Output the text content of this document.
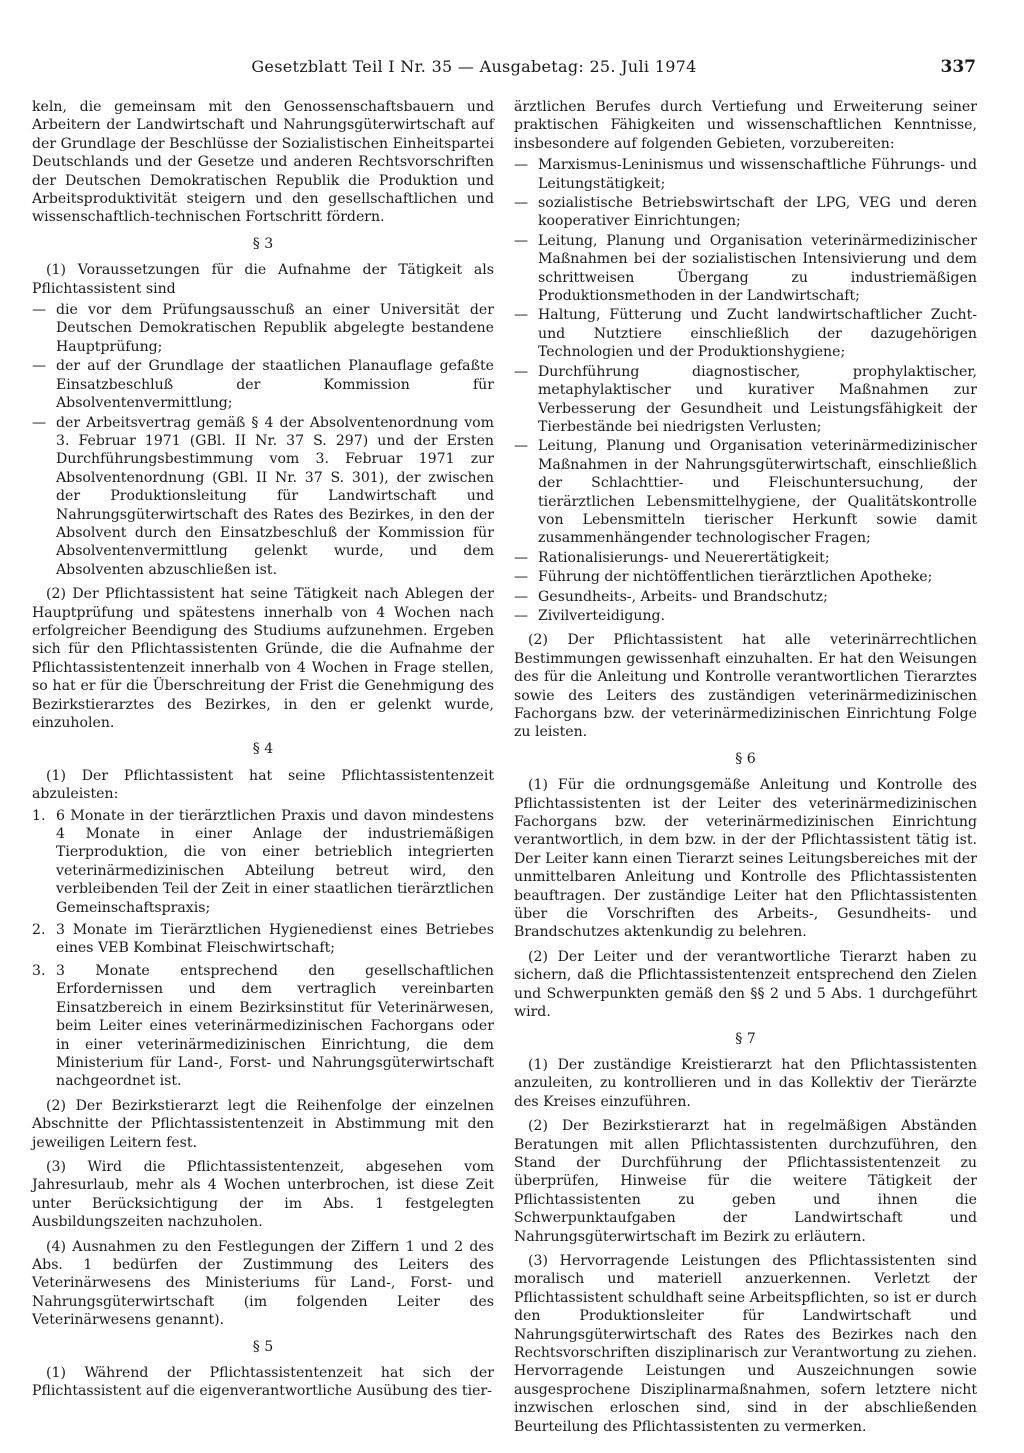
Gesetzblatt Teil I Nr. 35 — Ausgabetag: 25. Juli 1974	337

keln, die gemeinsam mit den Genossenschaftsbauern und Arbeitern der Landwirtschaft und Nahrungsgüterwirtschaft auf der Grundlage der Beschlüsse der Sozialistischen Einheitspartei Deutschlands und der Gesetze und anderen Rechtsvorschriften der Deutschen Demokratischen Republik die Produktion und Arbeitsproduktivität steigern und den gesellschaftlichen und wissenschaftlich-technischen Fortschritt fördern.

§ 3

(1) Voraussetzungen für die Aufnahme der Tätigkeit als Pflichtassistent sind

— die vor dem Prüfungsausschuß an einer Universität der Deutschen Demokratischen Republik abgelegte bestandene Hauptprüfung;
— der auf der Grundlage der staatlichen Planauflage gefaßte Einsatzbeschluß der Kommission für Absolventenvermittlung;
— der Arbeitsvertrag gemäß § 4 der Absolventenordnung vom 3. Februar 1971 (GBl. II Nr. 37 S. 297) und der Ersten Durchführungsbestimmung vom 3. Februar 1971 zur Absolventenordnung (GBl. II Nr. 37 S. 301), der zwischen der Produktionsleitung für Landwirtschaft und Nahrungsgüterwirtschaft des Rates des Bezirkes, in den der Absolvent durch den Einsatzbeschluß der Kommission für Absolventenvermittlung gelenkt wurde, und dem Absolventen abzuschließen ist.

(2) Der Pflichtassistent hat seine Tätigkeit nach Ablegen der Hauptprüfung und spätestens innerhalb von 4 Wochen nach erfolgreicher Beendigung des Studiums aufzunehmen. Ergeben sich für den Pflichtassistenten Gründe, die die Aufnahme der Pflichtassistentenzeit innerhalb von 4 Wochen in Frage stellen, so hat er für die Überschreitung der Frist die Genehmigung des Bezirkstierarztes des Bezirkes, in den er gelenkt wurde, einzuholen.

§ 4

(1) Der Pflichtassistent hat seine Pflichtassistentenzeit abzuleisten:

1. 6 Monate in der tierärztlichen Praxis und davon mindestens 4 Monate in einer Anlage der industriemäßigen Tierproduktion, die von einer betrieblich integrierten veterinärmedizinischen Abteilung betreut wird, den verbleibenden Teil der Zeit in einer staatlichen tierärztlichen Gemeinschaftspraxis;
2. 3 Monate im Tierärztlichen Hygienedienst eines Betriebes eines VEB Kombinat Fleischwirtschaft;
3. 3 Monate entsprechend den gesellschaftlichen Erfordernissen und dem vertraglich vereinbarten Einsatzbereich in einem Bezirksinstitut für Veterinärwesen, beim Leiter eines veterinärmedizinischen Fachorgans oder in einer veterinärmedizinischen Einrichtung, die dem Ministerium für Land-, Forst- und Nahrungsgüterwirtschaft nachgeordnet ist.

(2) Der Bezirkstierarzt legt die Reihenfolge der einzelnen Abschnitte der Pflichtassistentenzeit in Abstimmung mit den jeweiligen Leitern fest.

(3) Wird die Pflichtassistentenzeit, abgesehen vom Jahresurlaub, mehr als 4 Wochen unterbrochen, ist diese Zeit unter Berücksichtigung der im Abs. 1 festgelegten Ausbildungszeiten nachzuholen.

(4) Ausnahmen zu den Festlegungen der Ziffern 1 und 2 des Abs. 1 bedürfen der Zustimmung des Leiters des Veterinärwesens des Ministeriums für Land-, Forst- und Nahrungsgüterwirtschaft (im folgenden Leiter des Veterinärwesens genannt).

§ 5

(1) Während der Pflichtassistentenzeit hat sich der Pflichtassistent auf die eigenverantwortliche Ausübung des tier-

ärztlichen Berufes durch Vertiefung und Erweiterung seiner praktischen Fähigkeiten und wissenschaftlichen Kenntnisse, insbesondere auf folgenden Gebieten, vorzubereiten:

— Marxismus-Leninismus und wissenschaftliche Führungs- und Leitungstätigkeit;
— sozialistische Betriebswirtschaft der LPG, VEG und deren kooperativer Einrichtungen;
— Leitung, Planung und Organisation veterinärmedizinischer Maßnahmen bei der sozialistischen Intensivierung und dem schrittweisen Übergang zu industriemäßigen Produktionsmethoden in der Landwirtschaft;
— Haltung, Fütterung und Zucht landwirtschaftlicher Zucht- und Nutztiere einschließlich der dazugehörigen Technologien und der Produktionshygiene;
— Durchführung diagnostischer, prophylaktischer, metaphylaktischer und kurativer Maßnahmen zur Verbesserung der Gesundheit und Leistungsfähigkeit der Tierbestände bei niedrigsten Verlusten;
— Leitung, Planung und Organisation veterinärmedizinischer Maßnahmen in der Nahrungsgüterwirtschaft, einschließlich der Schlachttier- und Fleischuntersuchung, der tierärztlichen Lebensmittelhygiene, der Qualitätskontrolle von Lebensmitteln tierischer Herkunft sowie damit zusammenhängender technologischer Fragen;
— Rationalisierungs- und Neuerertätigkeit;
— Führung der nichtöffentlichen tierärztlichen Apotheke;
— Gesundheits-, Arbeits- und Brandschutz;
— Zivilverteidigung.

(2) Der Pflichtassistent hat alle veterinärrechtlichen Bestimmungen gewissenhaft einzuhalten. Er hat den Weisungen des für die Anleitung und Kontrolle verantwortlichen Tierarztes sowie des Leiters des zuständigen veterinärmedizinischen Fachorgans bzw. der veterinärmedizinischen Einrichtung Folge zu leisten.

§ 6

(1) Für die ordnungsgemäße Anleitung und Kontrolle des Pflichtassistenten ist der Leiter des veterinärmedizinischen Fachorgans bzw. der veterinärmedizinischen Einrichtung verantwortlich, in dem bzw. in der der Pflichtassistent tätig ist. Der Leiter kann einen Tierarzt seines Leitungsbereiches mit der unmittelbaren Anleitung und Kontrolle des Pflichtassistenten beauftragen. Der zuständige Leiter hat den Pflichtassistenten über die Vorschriften des Arbeits-, Gesundheits- und Brandschutzes aktenkundig zu belehren.

(2) Der Leiter und der verantwortliche Tierarzt haben zu sichern, daß die Pflichtassistentenzeit entsprechend den Zielen und Schwerpunkten gemäß den §§ 2 und 5 Abs. 1 durchgeführt wird.

§ 7

(1) Der zuständige Kreistierarzt hat den Pflichtassistenten anzuleiten, zu kontrollieren und in das Kollektiv der Tierärzte des Kreises einzuführen.

(2) Der Bezirkstierarzt hat in regelmäßigen Abständen Beratungen mit allen Pflichtassistenten durchzuführen, den Stand der Durchführung der Pflichtassistentenzeit zu überprüfen, Hinweise für die weitere Tätigkeit der Pflichtassistenten zu geben und ihnen die Schwerpunktaufgaben der Landwirtschaft und Nahrungsgüterwirtschaft im Bezirk zu erläutern.

(3) Hervorragende Leistungen des Pflichtassistenten sind moralisch und materiell anzuerkennen. Verletzt der Pflichtassistent schuldhaft seine Arbeitspflichten, so ist er durch den Produktionsleiter für Landwirtschaft und Nahrungsgüterwirtschaft des Rates des Bezirkes nach den Rechtsvorschriften disziplinarisch zur Verantwortung zu ziehen. Hervorragende Leistungen und Auszeichnungen sowie ausgesprochene Disziplinarmaßnahmen, sofern letztere nicht inzwischen erloschen sind, sind in der abschließenden Beurteilung des Pflichtassistenten zu vermerken.
